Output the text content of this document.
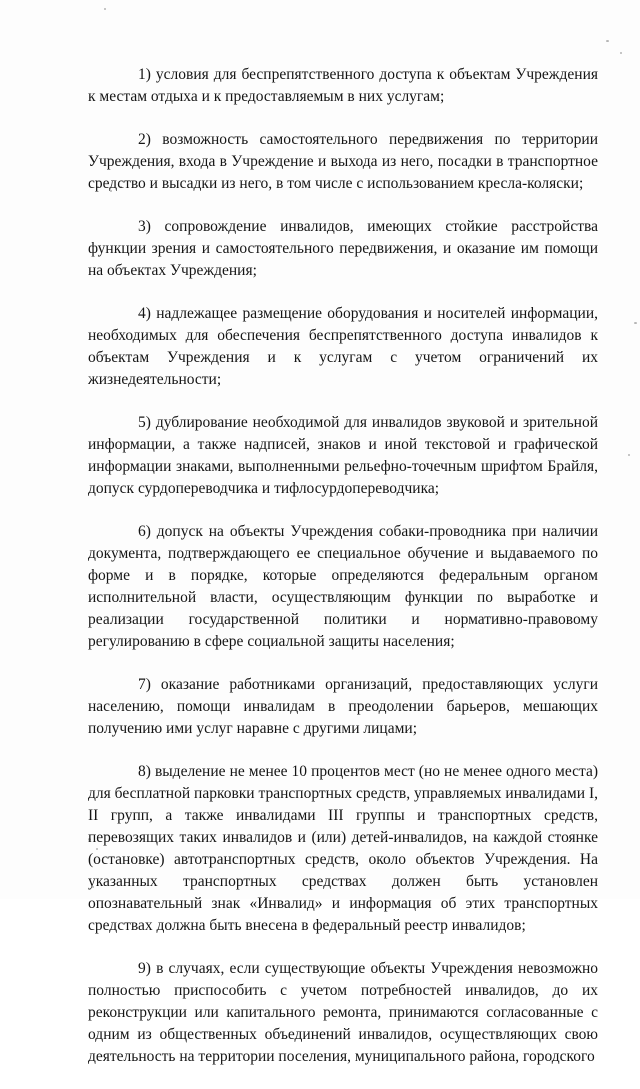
1) условия для беспрепятственного доступа к объектам Учреждения к местам отдыха и к предоставляемым в них услугам;

2) возможность самостоятельного передвижения по территории Учреждения, входа в Учреждение и выхода из него, посадки в транспортное средство и высадки из него, в том числе с использованием кресла-коляски;

3) сопровождение инвалидов, имеющих стойкие расстройства функции зрения и самостоятельного передвижения, и оказание им помощи на объектах Учреждения;

4) надлежащее размещение оборудования и носителей информации, необходимых для обеспечения беспрепятственного доступа инвалидов к объектам Учреждения и к услугам с учетом ограничений их жизнедеятельности;

5) дублирование необходимой для инвалидов звуковой и зрительной информации, а также надписей, знаков и иной текстовой и графической информации знаками, выполненными рельефно-точечным шрифтом Брайля, допуск сурдопереводчика и тифлосурдопереводчика;

6) допуск на объекты Учреждения собаки-проводника при наличии документа, подтверждающего ее специальное обучение и выдаваемого по форме и в порядке, которые определяются федеральным органом исполнительной власти, осуществляющим функции по выработке и реализации государственной политики и нормативно-правовому регулированию в сфере социальной защиты населения;

7) оказание работниками организаций, предоставляющих услуги населению, помощи инвалидам в преодолении барьеров, мешающих получению ими услуг наравне с другими лицами;

8) выделение не менее 10 процентов мест (но не менее одного места) для бесплатной парковки транспортных средств, управляемых инвалидами I, II групп, а также инвалидами III группы и транспортных средств, перевозящих таких инвалидов и (или) детей-инвалидов, на каждой стоянке (остановке) автотранспортных средств, около объектов Учреждения. На указанных транспортных средствах должен быть установлен опознавательный знак «Инвалид» и информация об этих транспортных средствах должна быть внесена в федеральный реестр инвалидов;

9) в случаях, если существующие объекты Учреждения невозможно полностью приспособить с учетом потребностей инвалидов, до их реконструкции или капитального ремонта, принимаются согласованные с одним из общественных объединений инвалидов, осуществляющих свою деятельность на территории поселения, муниципального района, городского
